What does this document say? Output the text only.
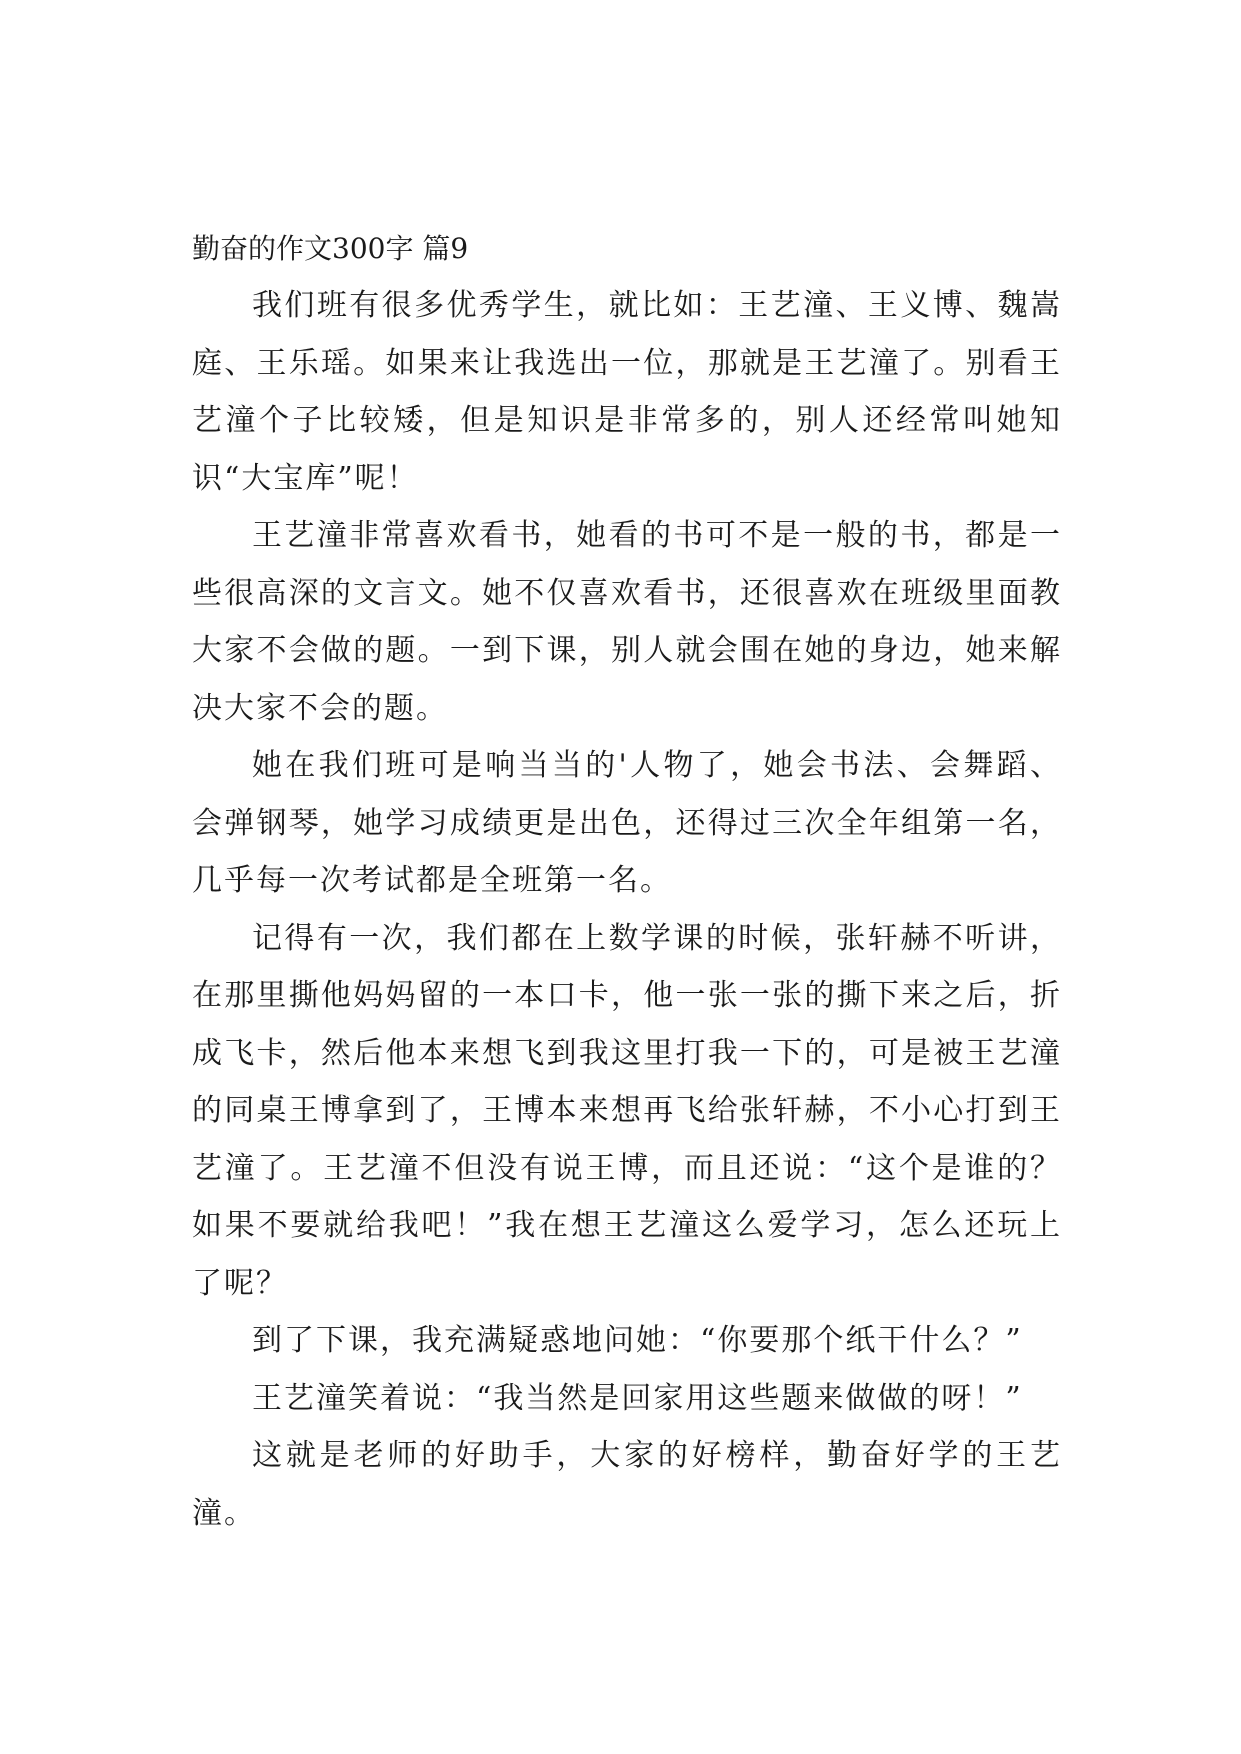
勤奋的作文300字 篇9

我们班有很多优秀学生，就比如：王艺潼、王义博、魏嵩庭、王乐瑶。如果来让我选出一位，那就是王艺潼了。别看王艺潼个子比较矮，但是知识是非常多的，别人还经常叫她知识“大宝库”呢！

王艺潼非常喜欢看书，她看的书可不是一般的书，都是一些很高深的文言文。她不仅喜欢看书，还很喜欢在班级里面教大家不会做的题。一到下课，别人就会围在她的身边，她来解决大家不会的题。

她在我们班可是响当当的'人物了，她会书法、会舞蹈、会弹钢琴，她学习成绩更是出色，还得过三次全年组第一名，几乎每一次考试都是全班第一名。

记得有一次，我们都在上数学课的时候，张轩赫不听讲，在那里撕他妈妈留的一本口卡，他一张一张的撕下来之后，折成飞卡，然后他本来想飞到我这里打我一下的，可是被王艺潼的同桌王博拿到了，王博本来想再飞给张轩赫，不小心打到王艺潼了。王艺潼不但没有说王博，而且还说：“这个是谁的？如果不要就给我吧！”我在想王艺潼这么爱学习，怎么还玩上了呢？

到了下课，我充满疑惑地问她：“你要那个纸干什么？”

王艺潼笑着说：“我当然是回家用这些题来做做的呀！”

这就是老师的好助手，大家的好榜样，勤奋好学的王艺潼。
